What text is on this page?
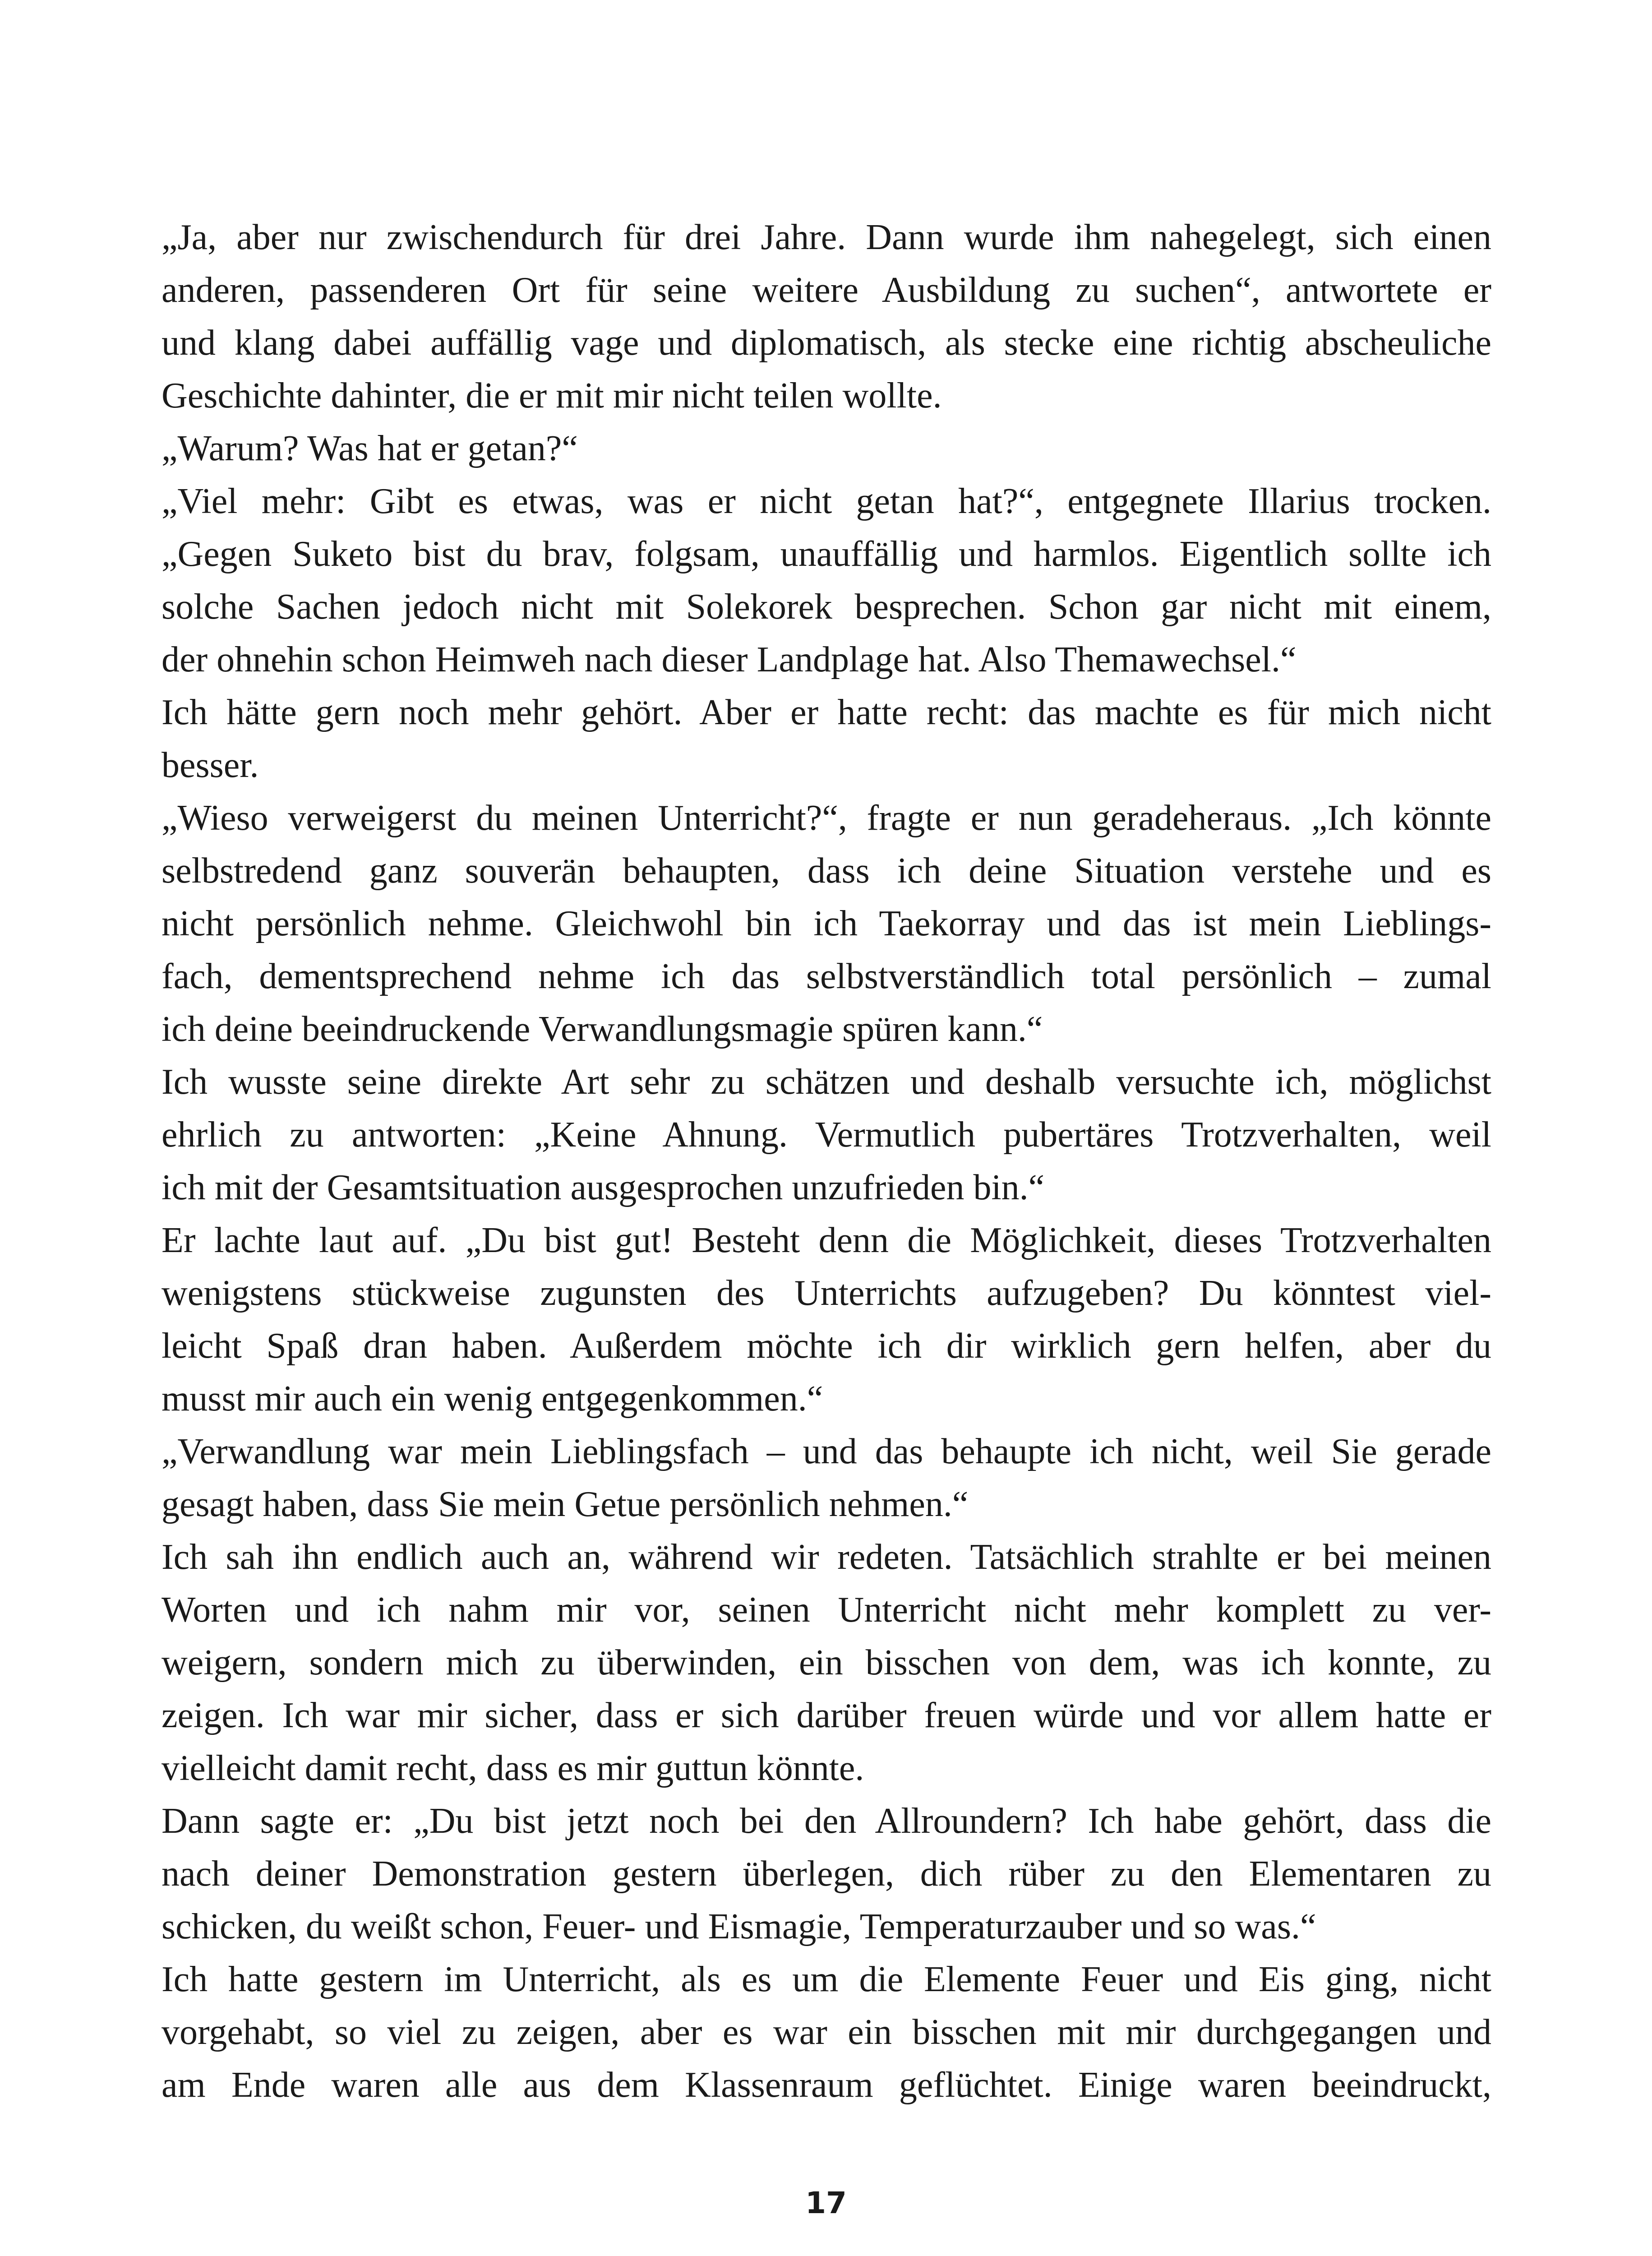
„Ja, aber nur zwischendurch für drei Jahre. Dann wurde ihm nahegelegt, sich einen
anderen, passenderen Ort für seine weitere Ausbildung zu suchen“, antwortete er
und klang dabei auffällig vage und diplomatisch, als stecke eine richtig abscheuliche
Geschichte dahinter, die er mit mir nicht teilen wollte.
„Warum? Was hat er getan?“
„Viel mehr: Gibt es etwas, was er nicht getan hat?“, entgegnete Illarius trocken.
„Gegen Suketo bist du brav, folgsam, unauffällig und harmlos. Eigentlich sollte ich
solche Sachen jedoch nicht mit Solekorek besprechen. Schon gar nicht mit einem,
der ohnehin schon Heimweh nach dieser Landplage hat. Also Themawechsel.“
Ich hätte gern noch mehr gehört. Aber er hatte recht: das machte es für mich nicht
besser.
„Wieso verweigerst du meinen Unterricht?“, fragte er nun geradeheraus. „Ich könnte
selbstredend ganz souverän behaupten, dass ich deine Situation verstehe und es
nicht persönlich nehme. Gleichwohl bin ich Taekorray und das ist mein Lieblings-
fach, dementsprechend nehme ich das selbstverständlich total persönlich – zumal
ich deine beeindruckende Verwandlungsmagie spüren kann.“
Ich wusste seine direkte Art sehr zu schätzen und deshalb versuchte ich, möglichst
ehrlich zu antworten: „Keine Ahnung. Vermutlich pubertäres Trotzverhalten, weil
ich mit der Gesamtsituation ausgesprochen unzufrieden bin.“
Er lachte laut auf. „Du bist gut! Besteht denn die Möglichkeit, dieses Trotzverhalten
wenigstens stückweise zugunsten des Unterrichts aufzugeben? Du könntest viel-
leicht Spaß dran haben. Außerdem möchte ich dir wirklich gern helfen, aber du
musst mir auch ein wenig entgegenkommen.“
„Verwandlung war mein Lieblingsfach – und das behaupte ich nicht, weil Sie gerade
gesagt haben, dass Sie mein Getue persönlich nehmen.“
Ich sah ihn endlich auch an, während wir redeten. Tatsächlich strahlte er bei meinen
Worten und ich nahm mir vor, seinen Unterricht nicht mehr komplett zu ver-
weigern, sondern mich zu überwinden, ein bisschen von dem, was ich konnte, zu
zeigen. Ich war mir sicher, dass er sich darüber freuen würde und vor allem hatte er
vielleicht damit recht, dass es mir guttun könnte.
Dann sagte er: „Du bist jetzt noch bei den Allroundern? Ich habe gehört, dass die
nach deiner Demonstration gestern überlegen, dich rüber zu den Elementaren zu
schicken, du weißt schon, Feuer- und Eismagie, Temperaturzauber und so was.“
Ich hatte gestern im Unterricht, als es um die Elemente Feuer und Eis ging, nicht
vorgehabt, so viel zu zeigen, aber es war ein bisschen mit mir durchgegangen und
am Ende waren alle aus dem Klassenraum geflüchtet. Einige waren beeindruckt,
17
